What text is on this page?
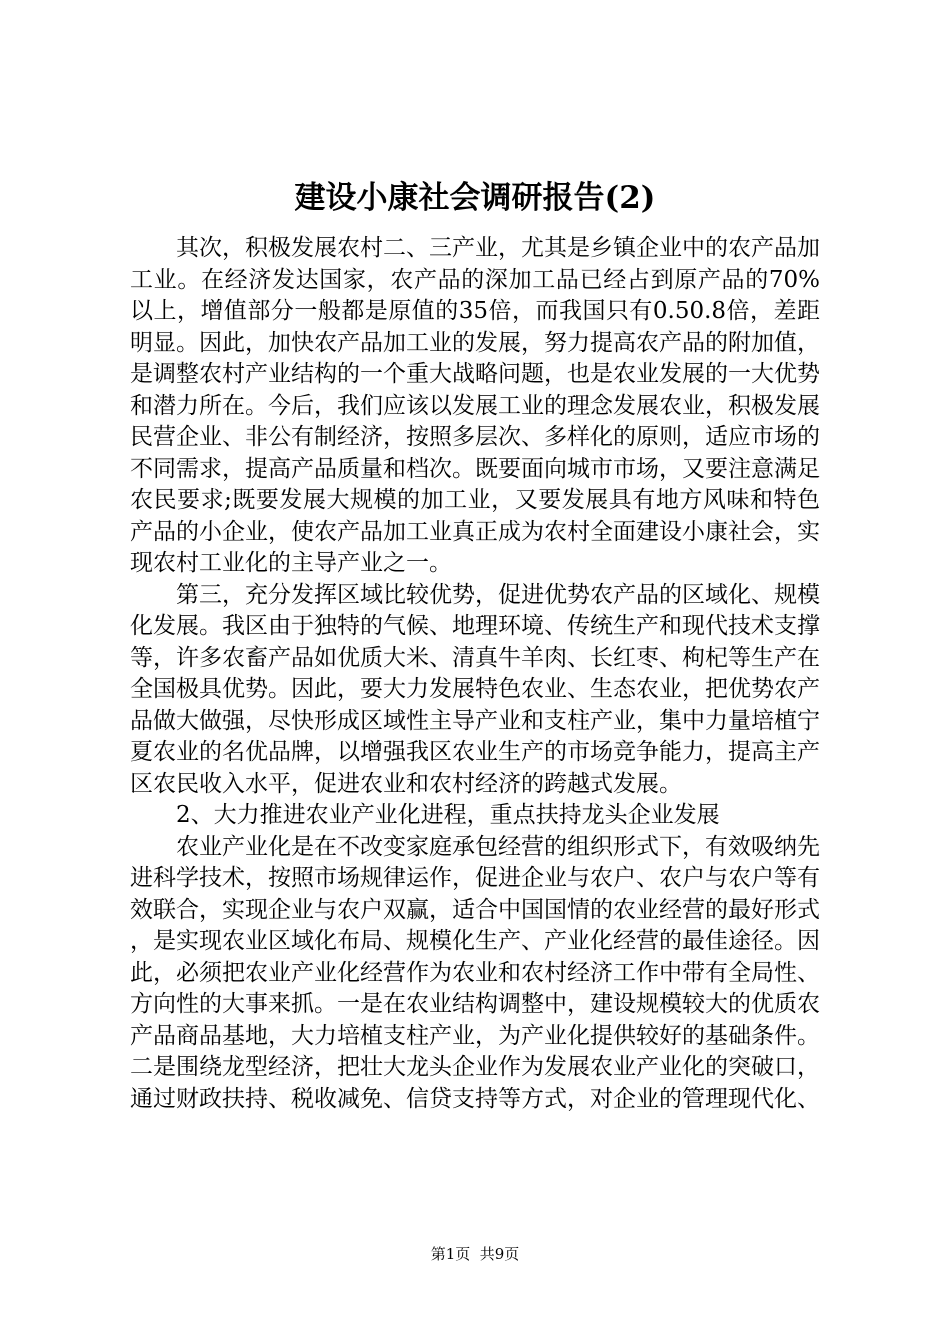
建设小康社会调研报告(2)

其次，积极发展农村二、三产业，尤其是乡镇企业中的农产品加工业。在经济发达国家，农产品的深加工品已经占到原产品的70%以上，增值部分一般都是原值的35倍，而我国只有0.50.8倍，差距明显。因此，加快农产品加工业的发展，努力提高农产品的附加值，是调整农村产业结构的一个重大战略问题，也是农业发展的一大优势和潜力所在。今后，我们应该以发展工业的理念发展农业，积极发展民营企业、非公有制经济，按照多层次、多样化的原则，适应市场的不同需求，提高产品质量和档次。既要面向城市市场，又要注意满足农民要求;既要发展大规模的加工业，又要发展具有地方风味和特色产品的小企业，使农产品加工业真正成为农村全面建设小康社会，实现农村工业化的主导产业之一。

第三，充分发挥区域比较优势，促进优势农产品的区域化、规模化发展。我区由于独特的气候、地理环境、传统生产和现代技术支撑等，许多农畜产品如优质大米、清真牛羊肉、长红枣、枸杞等生产在全国极具优势。因此，要大力发展特色农业、生态农业，把优势农产品做大做强，尽快形成区域性主导产业和支柱产业，集中力量培植宁夏农业的名优品牌，以增强我区农业生产的市场竞争能力，提高主产区农民收入水平，促进农业和农村经济的跨越式发展。

2、大力推进农业产业化进程，重点扶持龙头企业发展

农业产业化是在不改变家庭承包经营的组织形式下，有效吸纳先进科学技术，按照市场规律运作，促进企业与农户、农户与农户等有效联合，实现企业与农户双赢，适合中国国情的农业经营的最好形式，是实现农业区域化布局、规模化生产、产业化经营的最佳途径。因此，必须把农业产业化经营作为农业和农村经济工作中带有全局性、方向性的大事来抓。一是在农业结构调整中，建设规模较大的优质农产品商品基地，大力培植支柱产业，为产业化提供较好的基础条件。二是围绕龙型经济，把壮大龙头企业作为发展农业产业化的突破口，通过财政扶持、税收减免、信贷支持等方式，对企业的管理现代化、

第1页  共9页
